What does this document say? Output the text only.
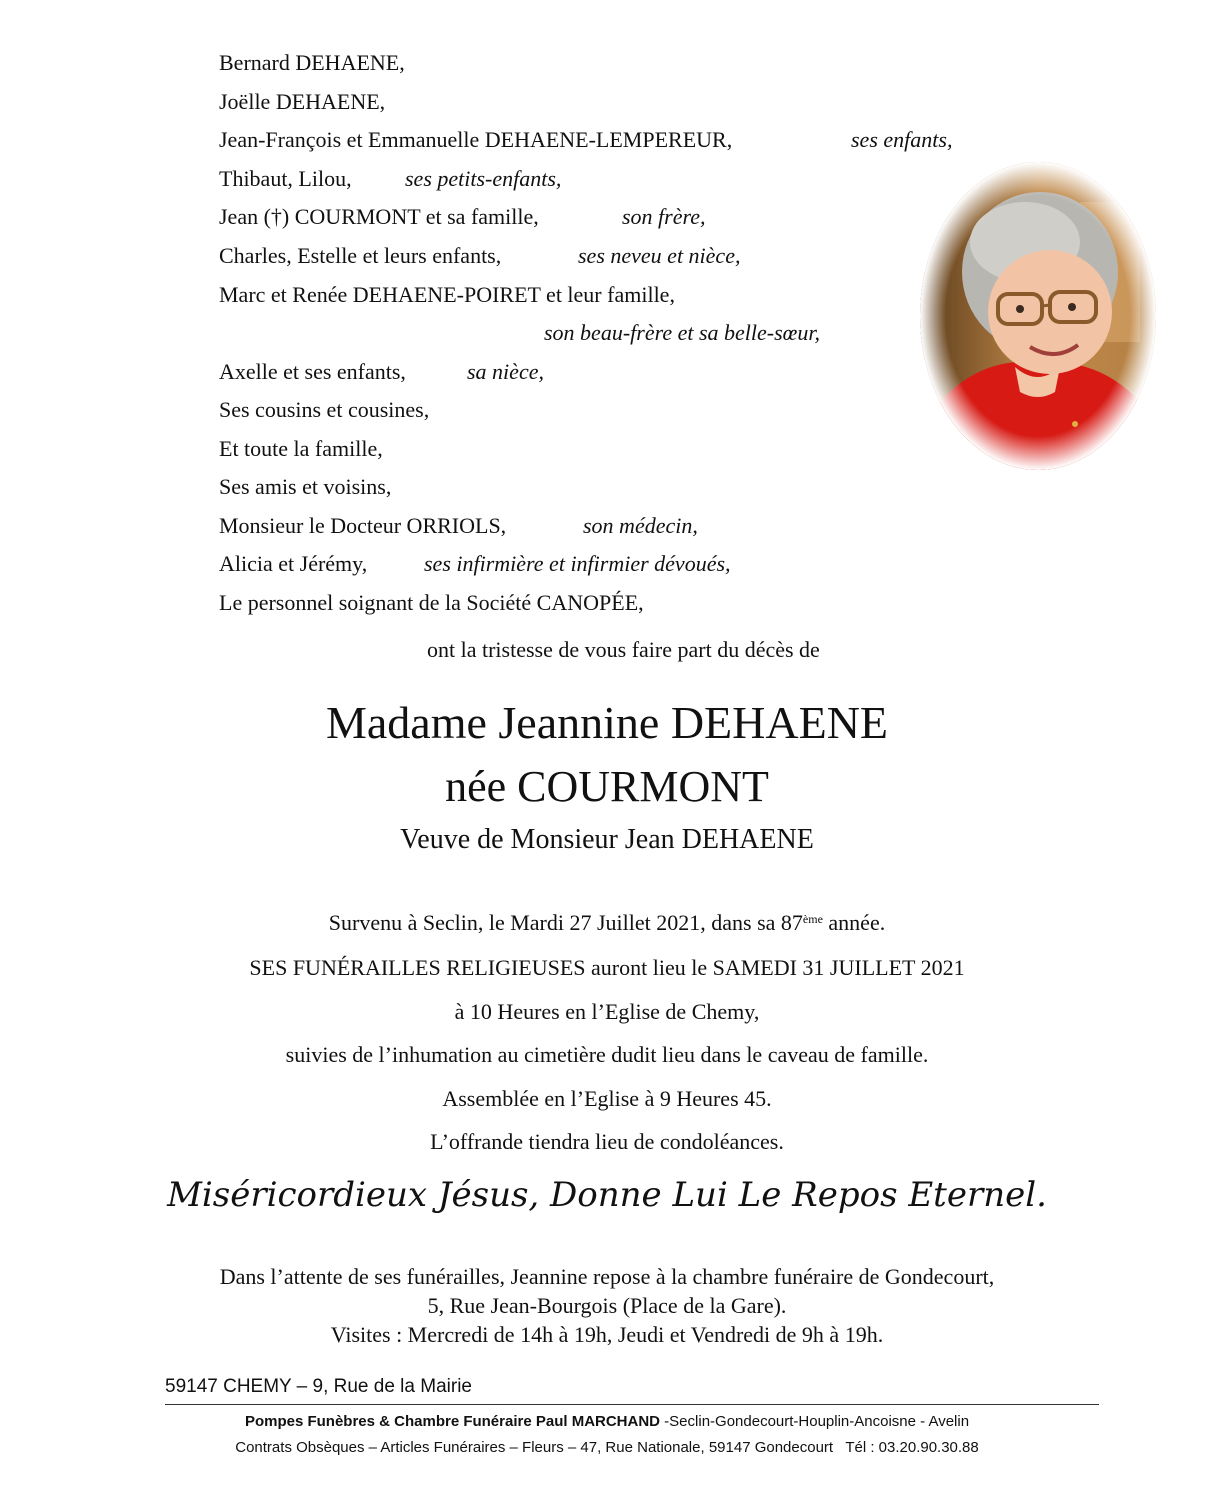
Bernard DEHAENE,
Joëlle DEHAENE,
Jean-François et Emmanuelle DEHAENE-LEMPEREUR,	ses enfants,
Thibaut, Lilou, ses petits-enfants,
Jean (†) COURMONT et sa famille,	son frère,
Charles, Estelle et leurs enfants,	ses neveu et nièce,
Marc et Renée DEHAENE-POIRET et leur famille,
son beau-frère et sa belle-sœur,
Axelle et ses enfants,	sa nièce,
Ses cousins et cousines,
Et toute la famille,
Ses amis et voisins,
Monsieur le Docteur ORRIOLS,	son médecin,
Alicia et Jérémy,	ses infirmière et infirmier dévoués,
Le personnel soignant de la Société CANOPÉE,
ont la tristesse de vous faire part du décès de
Madame Jeannine DEHAENE
née COURMONT
Veuve de Monsieur Jean DEHAENE
Survenu à Seclin, le Mardi 27 Juillet 2021, dans sa 87ème année.
SES FUNÉRAILLES RELIGIEUSES auront lieu le SAMEDI 31 JUILLET 2021
à 10 Heures en l’Eglise de Chemy,
suivies de l’inhumation au cimetière dudit lieu dans le caveau de famille.
Assemblée en l’Eglise à 9 Heures 45.
L’offrande tiendra lieu de condoléances.
Miséricordieux Jésus, Donne Lui Le Repos Eternel.
Dans l’attente de ses funérailles, Jeannine repose à la chambre funéraire de Gondecourt,
5, Rue Jean-Bourgois (Place de la Gare).
Visites : Mercredi de 14h à 19h, Jeudi et Vendredi de 9h à 19h.
59147 CHEMY – 9, Rue de la Mairie
Pompes Funèbres & Chambre Funéraire Paul MARCHAND -Seclin-Gondecourt-Houplin-Ancoisne - Avelin
Contrats Obsèques – Articles Funéraires – Fleurs – 47, Rue Nationale, 59147 Gondecourt   Tél : 03.20.90.30.88
